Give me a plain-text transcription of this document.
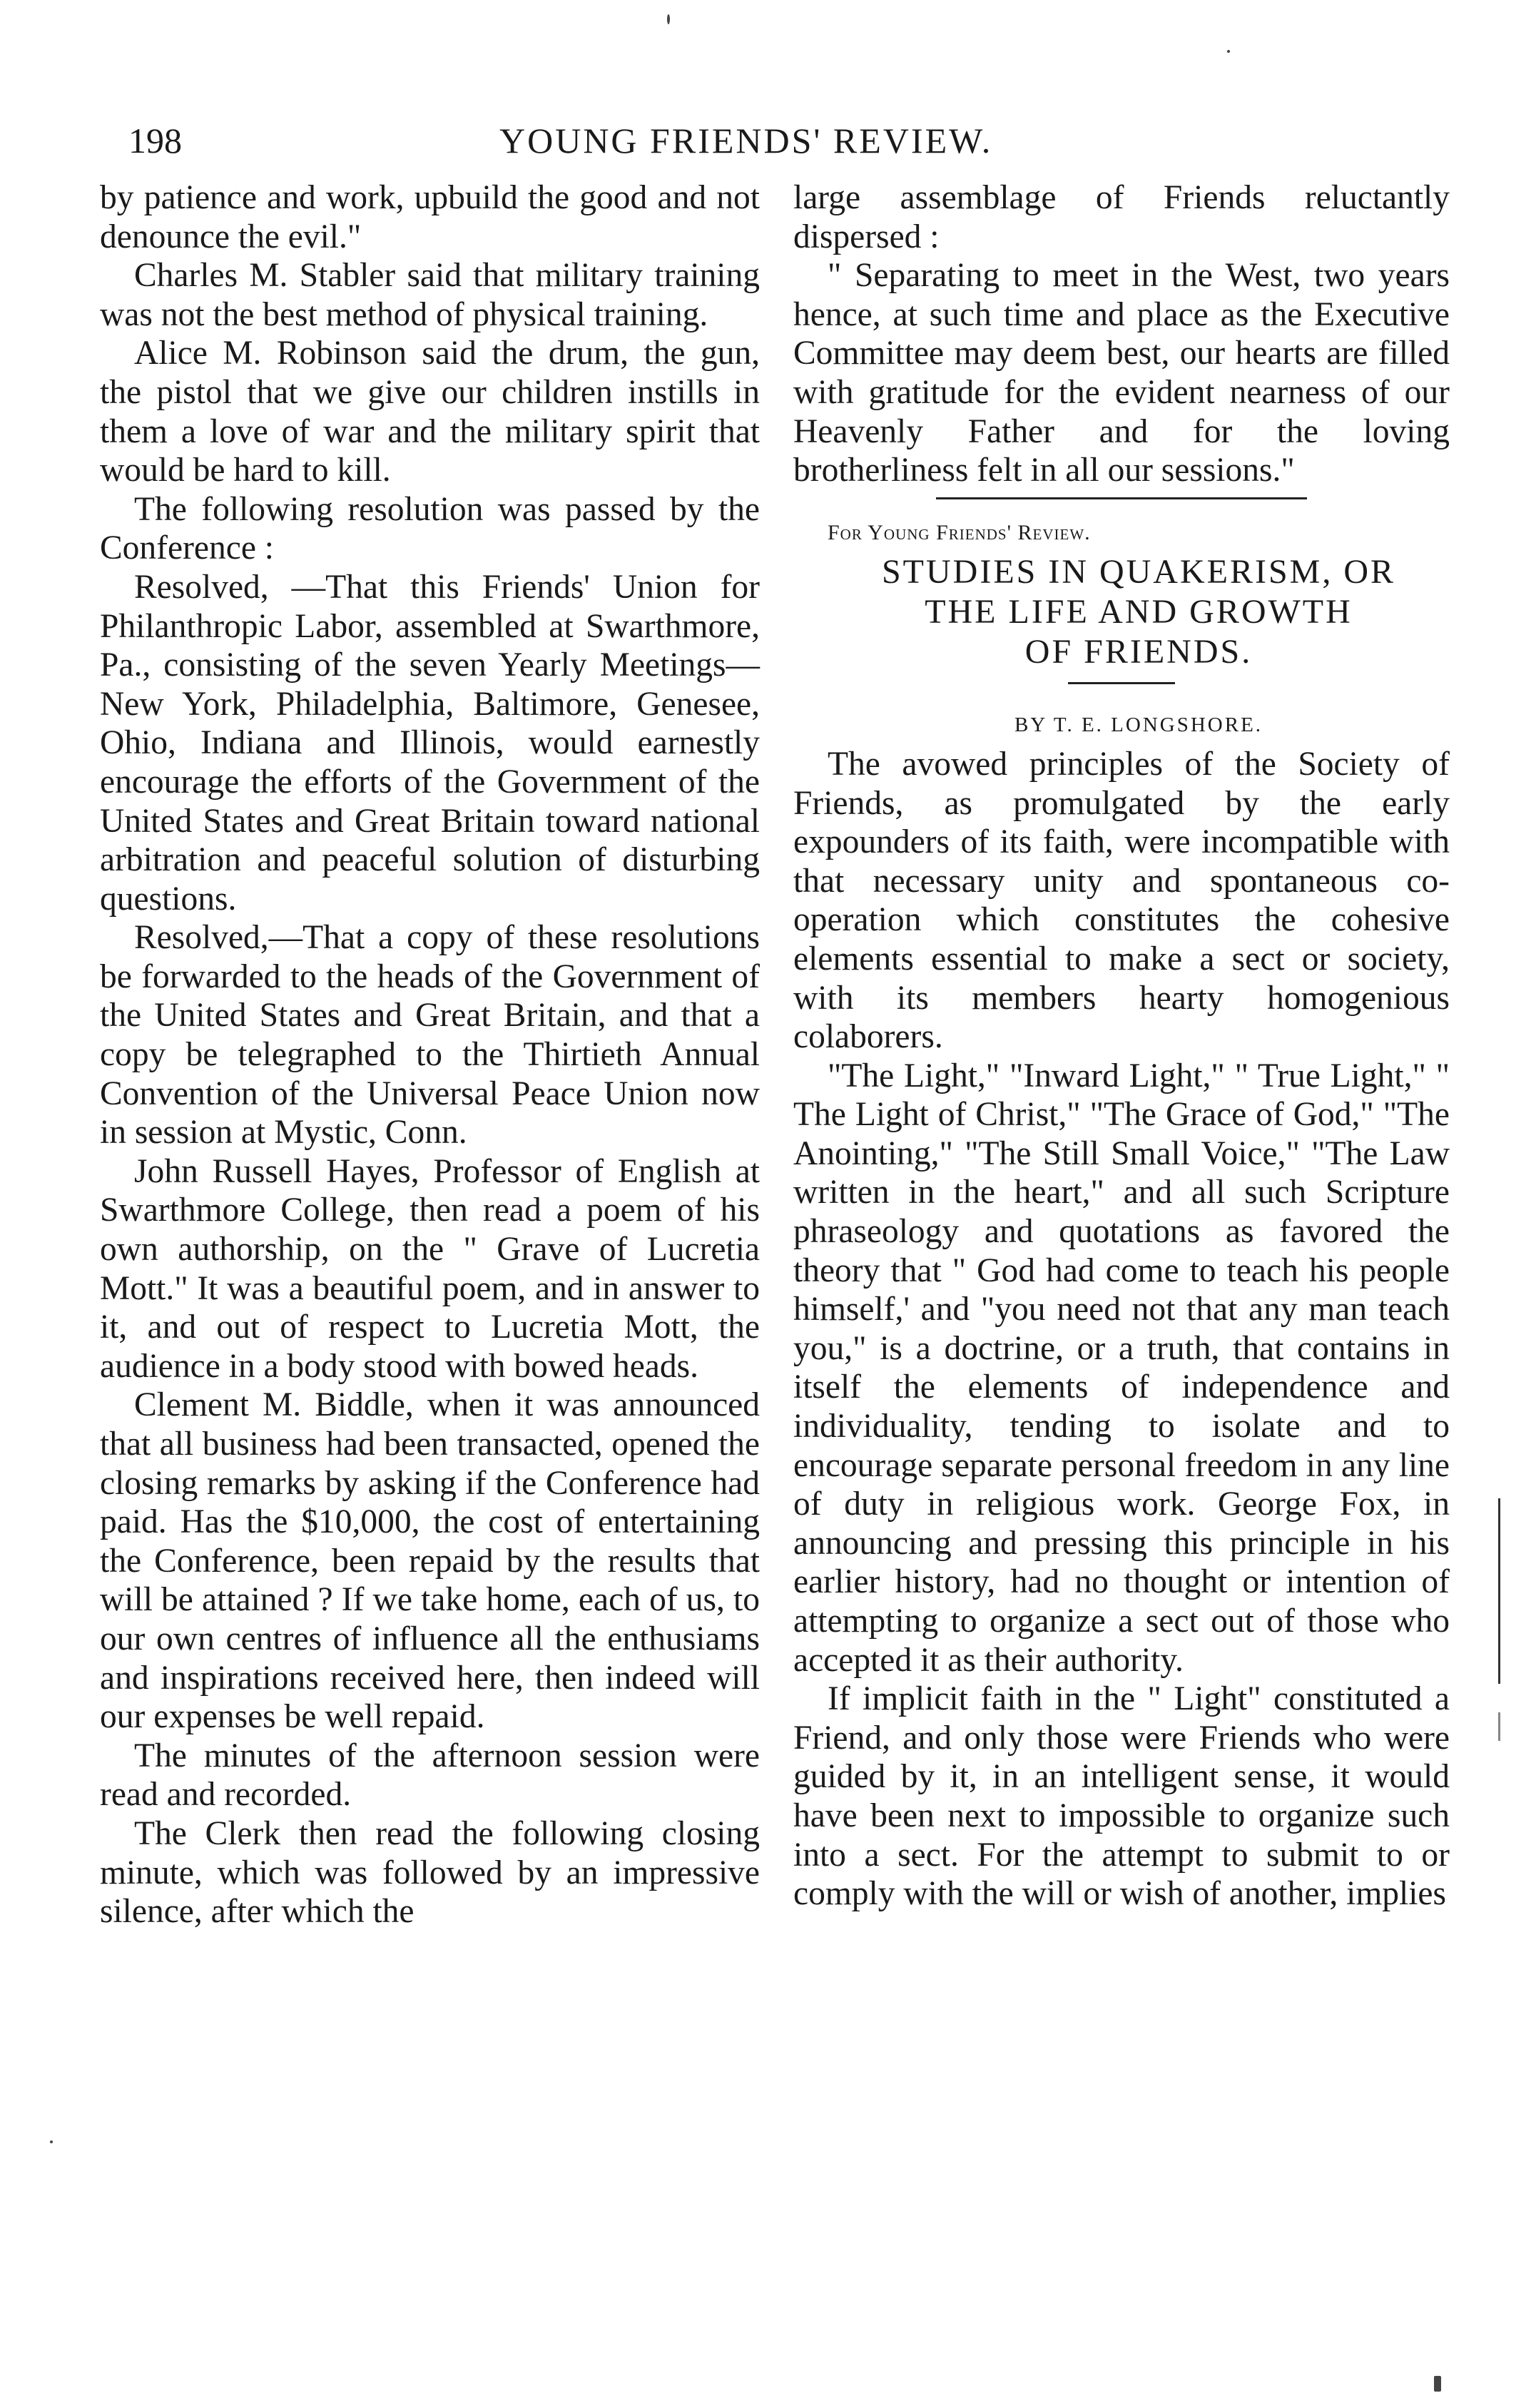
198	YOUNG FRIENDS' REVIEW.

by patience and work, upbuild the good and not denounce the evil."

Charles M. Stabler said that military training was not the best method of physical training.

Alice M. Robinson said the drum, the gun, the pistol that we give our children instills in them a love of war and the military spirit that would be hard to kill.

The following resolution was passed by the Conference :

Resolved, —That this Friends' Union for Philanthropic Labor, assembled at Swarthmore, Pa., consisting of the seven Yearly Meetings—New York, Philadelphia, Baltimore, Genesee, Ohio, Indiana and Illinois, would earnestly encourage the efforts of the Government of the United States and Great Britain toward national arbitration and peaceful solution of disturbing questions.

Resolved,—That a copy of these resolutions be forwarded to the heads of the Government of the United States and Great Britain, and that a copy be telegraphed to the Thirtieth Annual Convention of the Universal Peace Union now in session at Mystic, Conn.

John Russell Hayes, Professor of English at Swarthmore College, then read a poem of his own authorship, on the " Grave of Lucretia Mott." It was a beautiful poem, and in answer to it, and out of respect to Lucretia Mott, the audience in a body stood with bowed heads.

Clement M. Biddle, when it was announced that all business had been transacted, opened the closing remarks by asking if the Conference had paid. Has the $10,000, the cost of entertaining the Conference, been repaid by the results that will be attained ? If we take home, each of us, to our own centres of influence all the enthusiams and inspirations received here, then indeed will our expenses be well repaid.

The minutes of the afternoon session were read and recorded.

The Clerk then read the following closing minute, which was followed by an impressive silence, after which the

large assemblage of Friends reluctantly dispersed :

" Separating to meet in the West, two years hence, at such time and place as the Executive Committee may deem best, our hearts are filled with gratitude for the evident nearness of our Heavenly Father and for the loving brotherliness felt in all our sessions."

For Young Friends' Review.

STUDIES IN QUAKERISM, OR

THE LIFE AND GROWTH

OF FRIENDS.

BY T. E. LONGSHORE.

The avowed principles of the Society of Friends, as promulgated by the early expounders of its faith, were incompatible with that necessary unity and spontaneous co-operation which constitutes the cohesive elements essential to make a sect or society, with its members hearty homogenious colaborers.

"The Light," "Inward Light," " True Light," " The Light of Christ," "The Grace of God," "The Anointing," "The Still Small Voice," "The Law written in the heart," and all such Scripture phraseology and quotations as favored the theory that " God had come to teach his people himself,' and "you need not that any man teach you," is a doctrine, or a truth, that contains in itself the elements of independence and individuality, tending to isolate and to encourage separate personal freedom in any line of duty in religious work. George Fox, in announcing and pressing this principle in his earlier history, had no thought or intention of attempting to organize a sect out of those who accepted it as their authority.

If implicit faith in the " Light" constituted a Friend, and only those were Friends who were guided by it, in an intelligent sense, it would have been next to impossible to organize such into a sect. For the attempt to submit to or comply with the will or wish of another, implies
